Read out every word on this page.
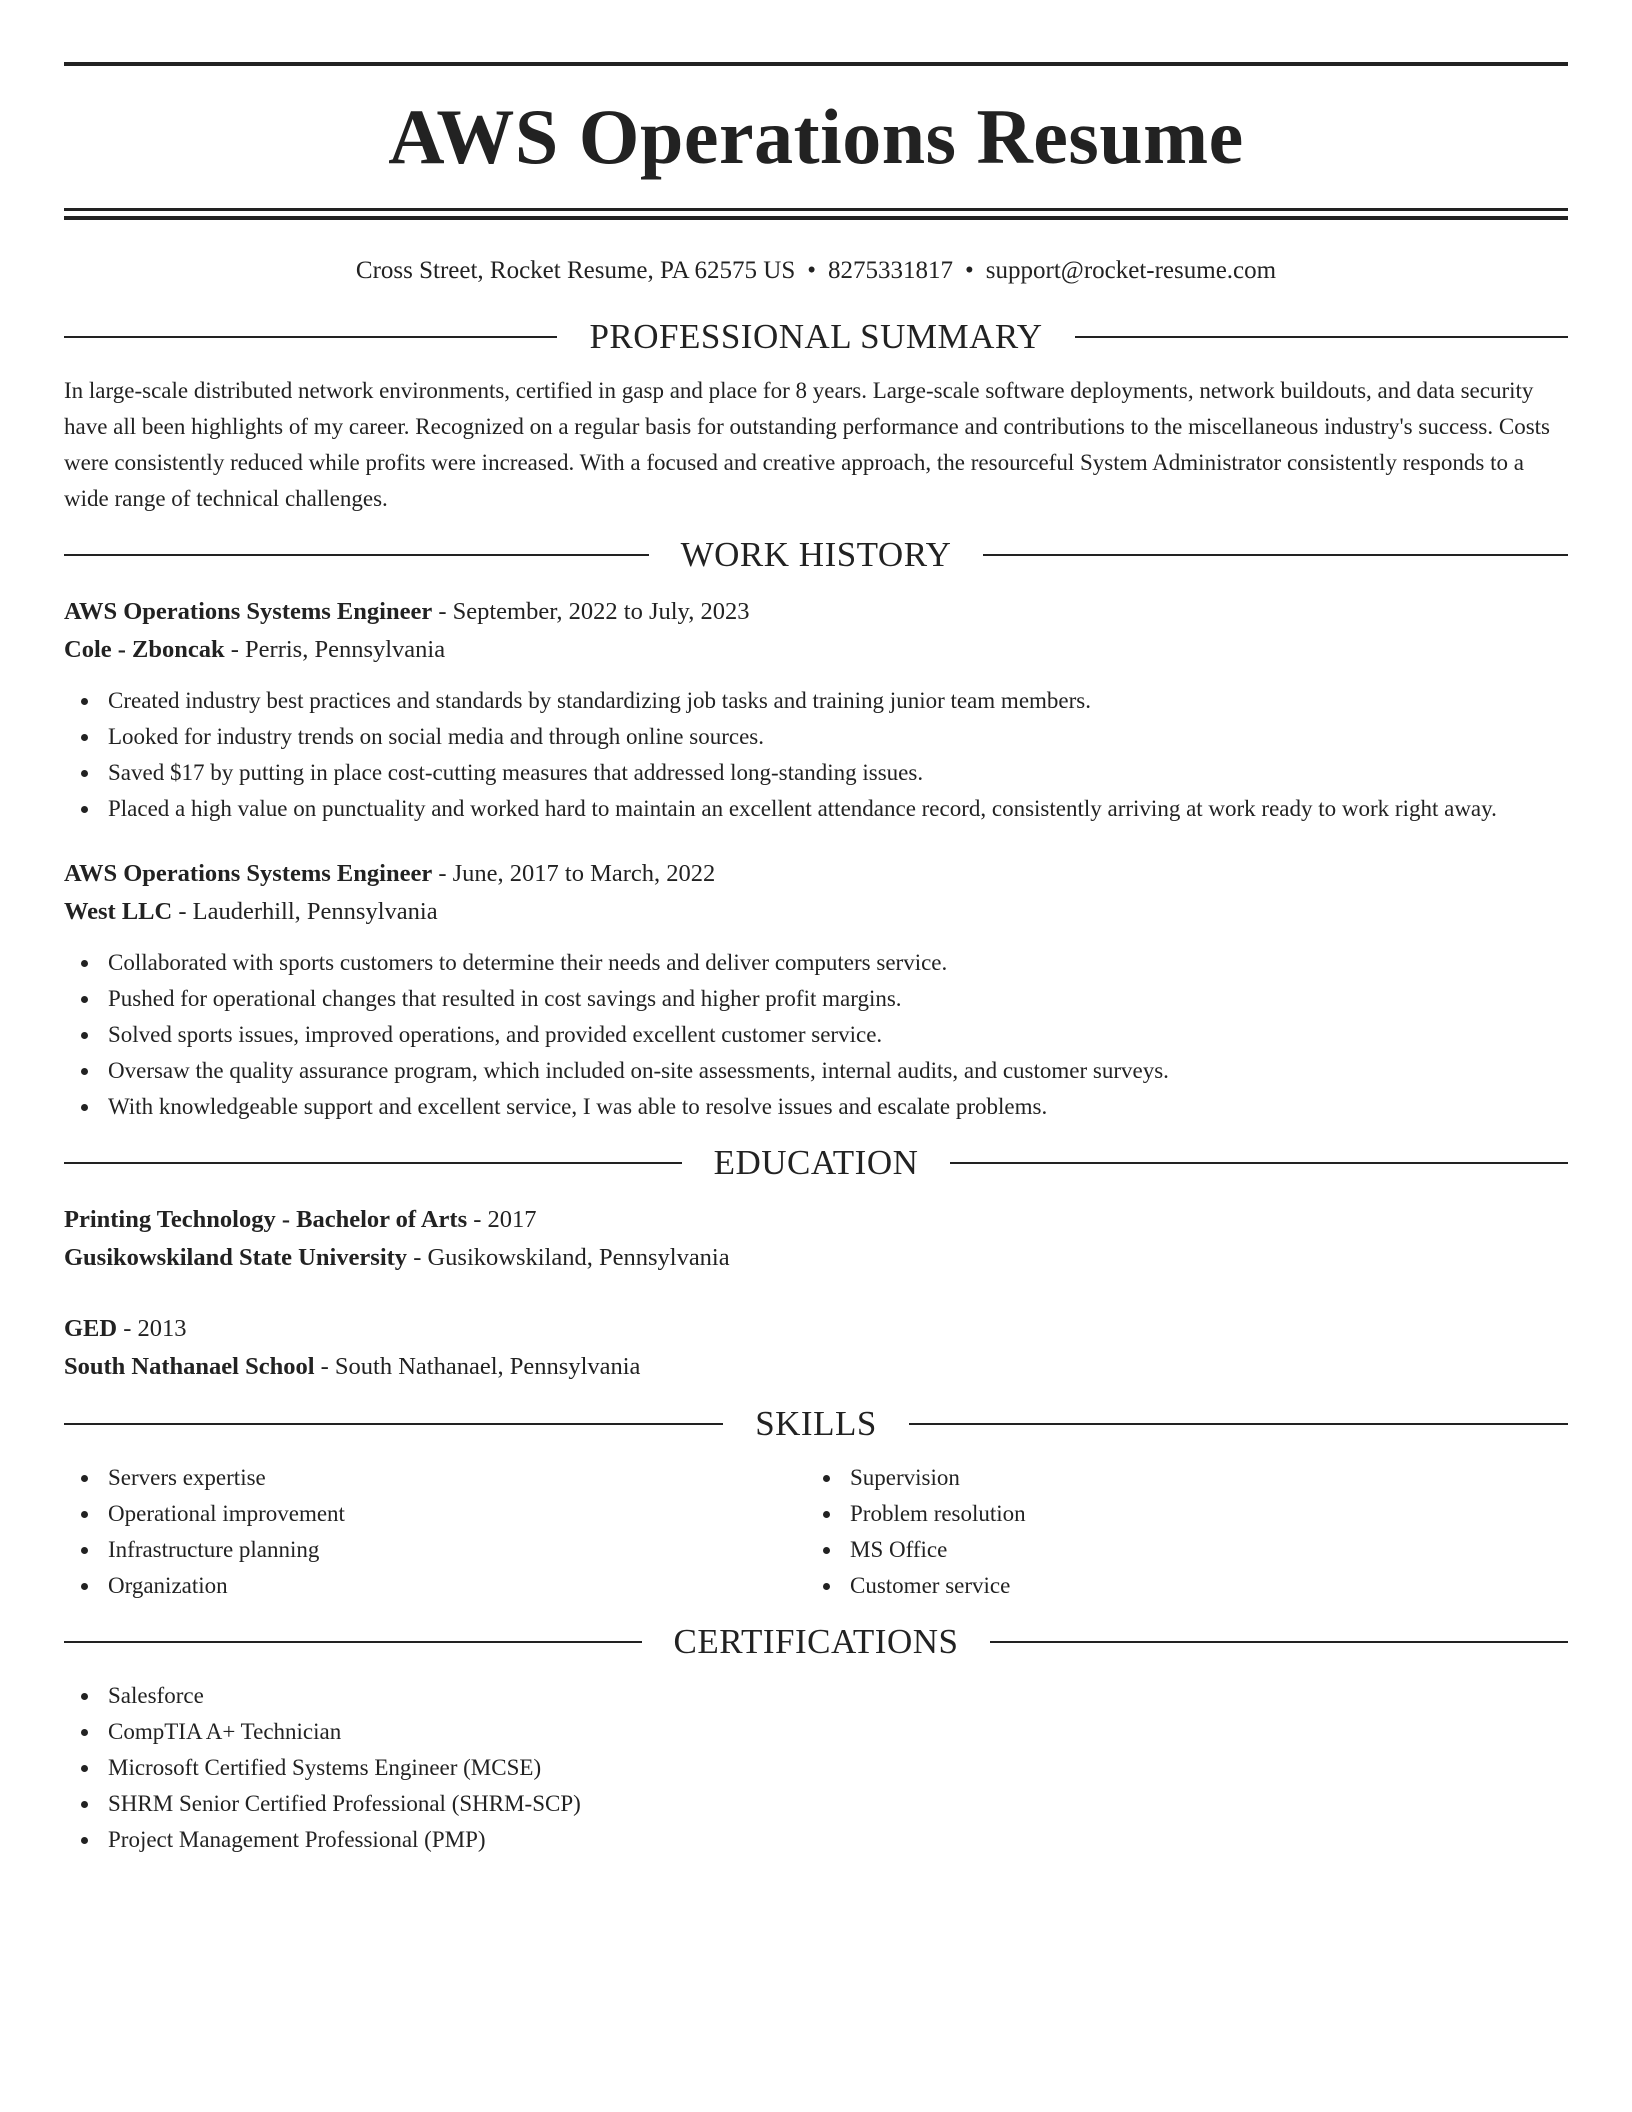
AWS Operations Resume
Cross Street, Rocket Resume, PA 62575 US • 8275331817 • support@rocket-resume.com
PROFESSIONAL SUMMARY

In large-scale distributed network environments, certified in gasp and place for 8 years. Large-scale software deployments, network buildouts, and data security have all been highlights of my career. Recognized on a regular basis for outstanding performance and contributions to the miscellaneous industry's success. Costs were consistently reduced while profits were increased. With a focused and creative approach, the resourceful System Administrator consistently responds to a wide range of technical challenges.

WORK HISTORY
AWS Operations Systems Engineer - September, 2022 to July, 2023
Cole - Zboncak - Perris, Pennsylvania
Created industry best practices and standards by standardizing job tasks and training junior team members.
Looked for industry trends on social media and through online sources.
Saved $17 by putting in place cost-cutting measures that addressed long-standing issues.
Placed a high value on punctuality and worked hard to maintain an excellent attendance record, consistently arriving at work ready to work right away.
AWS Operations Systems Engineer - June, 2017 to March, 2022
West LLC - Lauderhill, Pennsylvania
Collaborated with sports customers to determine their needs and deliver computers service.
Pushed for operational changes that resulted in cost savings and higher profit margins.
Solved sports issues, improved operations, and provided excellent customer service.
Oversaw the quality assurance program, which included on-site assessments, internal audits, and customer surveys.
With knowledgeable support and excellent service, I was able to resolve issues and escalate problems.
EDUCATION
Printing Technology - Bachelor of Arts - 2017
Gusikowskiland State University - Gusikowskiland, Pennsylvania
GED - 2013
South Nathanael School - South Nathanael, Pennsylvania
SKILLS
Servers expertise
Operational improvement
Infrastructure planning
Organization
Supervision
Problem resolution
MS Office
Customer service
CERTIFICATIONS
Salesforce
CompTIA A+ Technician
Microsoft Certified Systems Engineer (MCSE)
SHRM Senior Certified Professional (SHRM-SCP)
Project Management Professional (PMP)
